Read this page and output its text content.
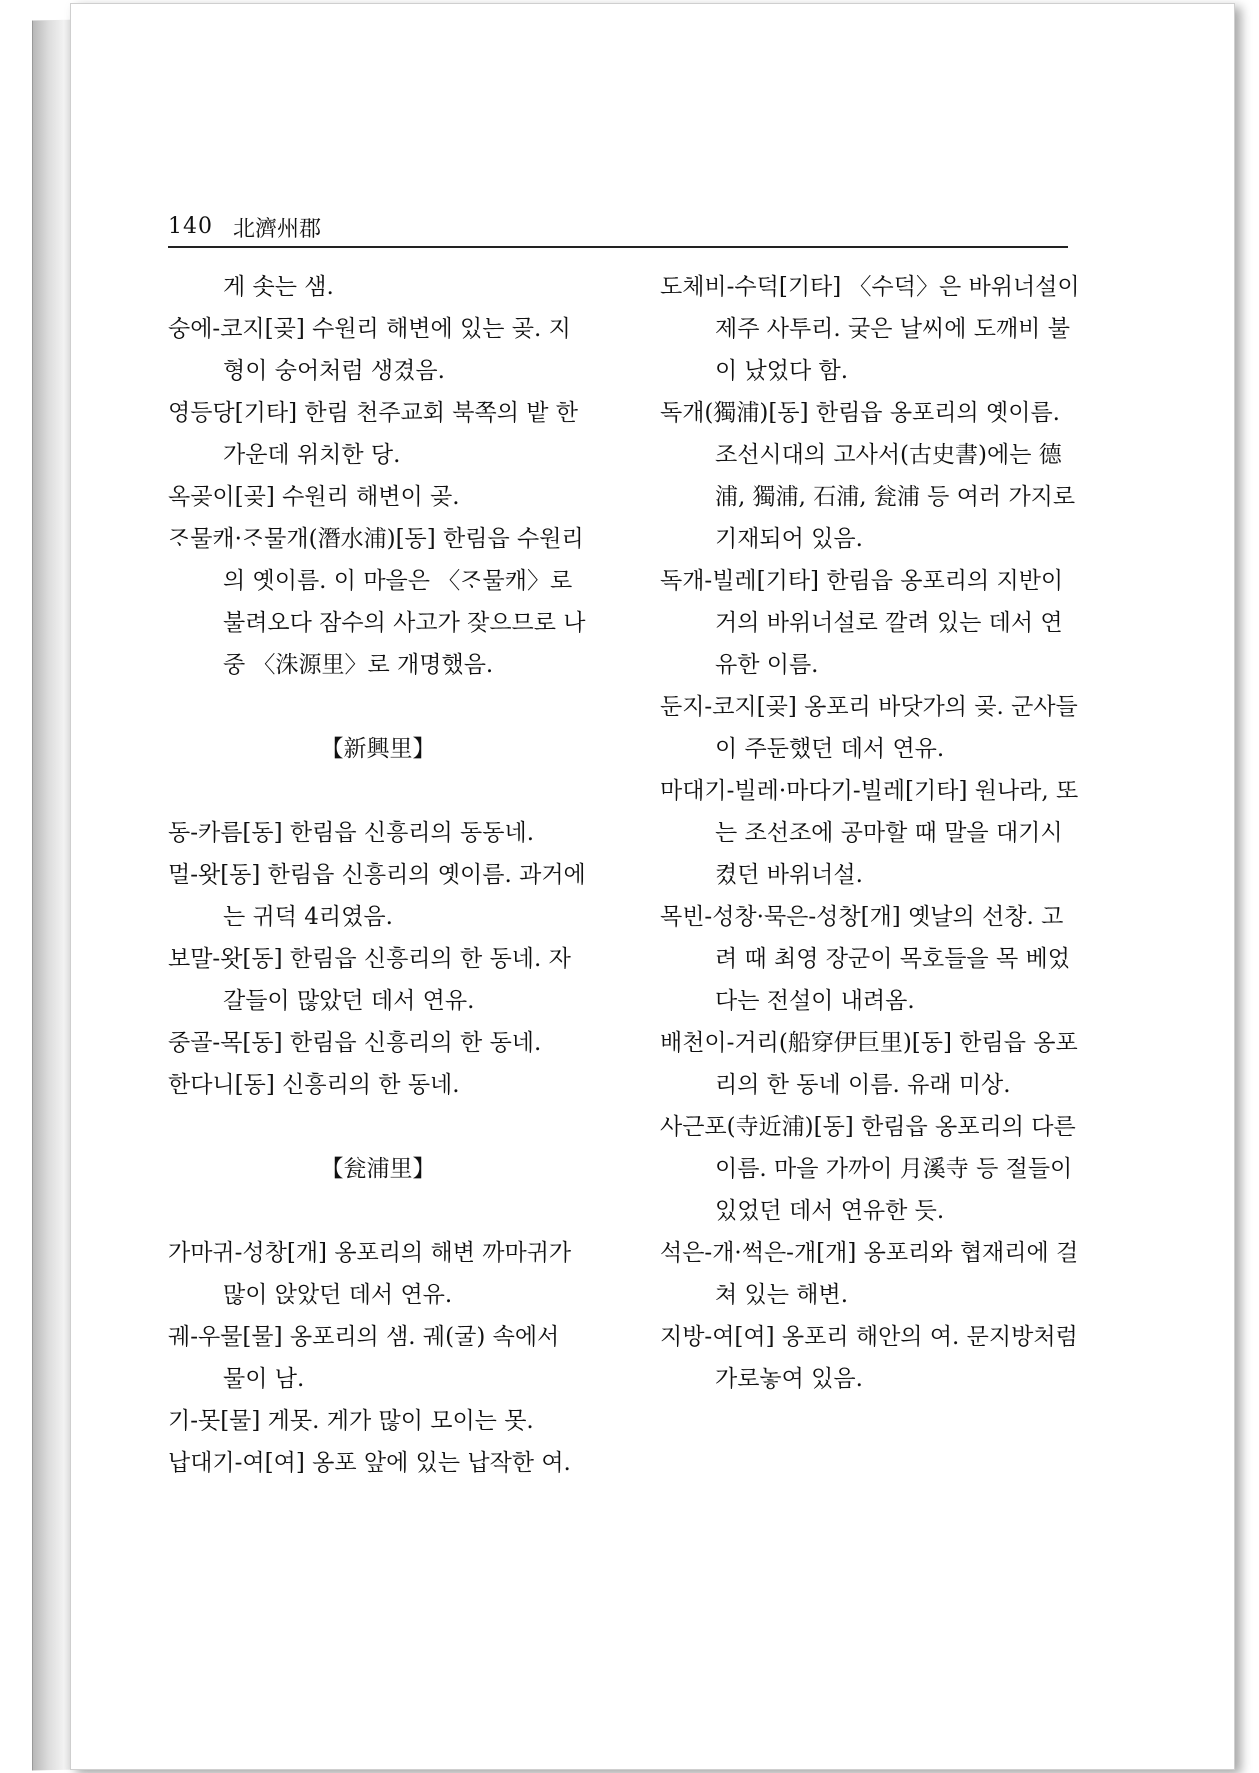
140 北濟州郡

게 솟는 샘.

숭에-코지[곶] 수원리 해변에 있는 곶. 지형이 숭어처럼 생겼음.

영등당[기타] 한림 천주교회 북쪽의 밭 한가운데 위치한 당.

옥곶이[곶] 수원리 해변이 곶.

ᄌᆞ물캐·ᄌᆞ물개(潛水浦)[동] 한림읍 수원리의 옛이름. 이 마을은 〈ᄌᆞ물캐〉로 불려오다 잠수의 사고가 잦으므로 나중 〈洙源里〉로 개명했음.

【新興里】

동-카름[동] 한림읍 신흥리의 동동네.

멀-왓[동] 한림읍 신흥리의 옛이름. 과거에는 귀덕 4리였음.

보말-왓[동] 한림읍 신흥리의 한 동네. 자갈들이 많았던 데서 연유.

중골-목[동] 한림읍 신흥리의 한 동네.

한다니[동] 신흥리의 한 동네.

【瓮浦里】

가마귀-성창[개] 옹포리의 해변 까마귀가 많이 앉았던 데서 연유.

궤-우물[물] 옹포리의 샘. 궤(굴) 속에서 물이 남.

기-못[물] 게못. 게가 많이 모이는 못.

납대기-여[여] 옹포 앞에 있는 납작한 여.

도체비-수덕[기타] 〈수덕〉은 바위너설이 제주 사투리. 궂은 날씨에 도깨비 불이 났었다 함.

독개(獨浦)[동] 한림읍 옹포리의 옛이름. 조선시대의 고사서(古史書)에는 德浦, 獨浦, 石浦, 瓮浦 등 여러 가지로 기재되어 있음.

독개-빌레[기타] 한림읍 옹포리의 지반이 거의 바위너설로 깔려 있는 데서 연유한 이름.

둔지-코지[곶] 옹포리 바닷가의 곶. 군사들이 주둔했던 데서 연유.

마대기-빌레·마다기-빌레[기타] 원나라, 또는 조선조에 공마할 때 말을 대기시켰던 바위너설.

목빈-성창·묵은-성창[개] 옛날의 선창. 고려 때 최영 장군이 목호들을 목 베었다는 전설이 내려옴.

배천이-거리(船穿伊巨里)[동] 한림읍 옹포리의 한 동네 이름. 유래 미상.

사근포(寺近浦)[동] 한림읍 옹포리의 다른 이름. 마을 가까이 月溪寺 등 절들이 있었던 데서 연유한 듯.

석은-개·썩은-개[개] 옹포리와 협재리에 걸쳐 있는 해변.

지방-여[여] 옹포리 해안의 여. 문지방처럼 가로놓여 있음.
